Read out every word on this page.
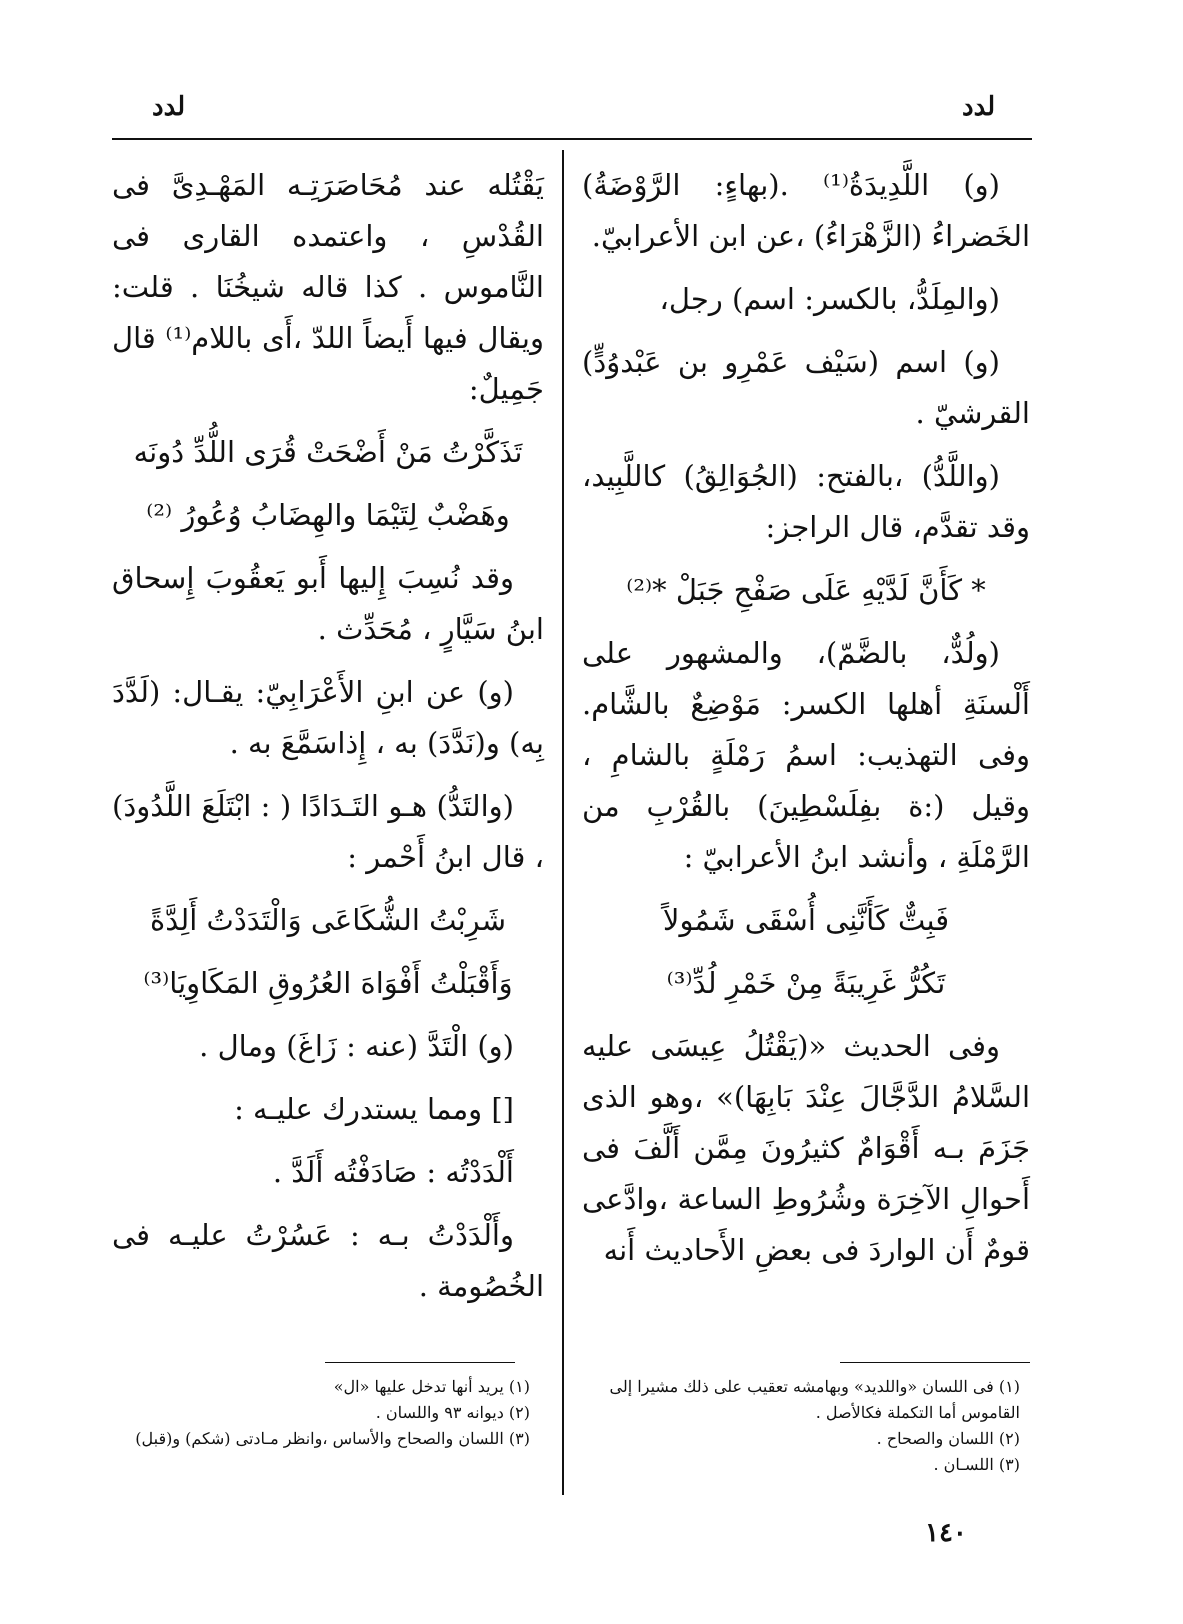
لدد
لدد

(و) اللَّدِيدَةُ⁽¹⁾ .(بهاءٍ: الرَّوْضَةُ) الخَضراءُ (الزَّهْرَاءُ) ،عن ابن الأعرابيّ.

(والمِلَدُّ، بالكسر: اسم) رجل،

(و) اسم (سَيْف عَمْرِو بن عَبْدوُدٍّ) القرشيّ .

(واللَّدُّ) ،بالفتح: (الجُوَالِقُ) كاللَّبِيد، وقد تقدَّم، قال الراجز:

* كَأَنَّ لَدَّيْهِ عَلَى صَفْحِ جَبَلْ *⁽²⁾

(ولُدٌّ، بالضَّمّ)، والمشهور على أَلْسنَةِ أهلها الكسر: مَوْضِعٌ بالشَّام. وفى التهذيب: اسمُ رَمْلَةٍ بالشامِ ، وقيل (:ة بفِلَسْطِينَ) بالقُرْبِ من الرَّمْلَةِ ، وأنشد ابنُ الأعرابيّ :

فَبِتٌّ كَأَنَّنِى أُسْقَى شَمُولاً

تَكُرُّ غَرِيبَةً مِنْ خَمْرِ لُدِّ⁽³⁾

وفى الحديث «(يَقْتُلُ عِيسَى عليه السَّلامُ الدَّجَّالَ عِنْدَ بَابِهَا)» ،وهو الذى جَزَمَ بـه أَقْوَامٌ كثيرُونَ مِمَّن أَلَّفَ فى أَحوالِ الآخِرَة وشُرُوطِ الساعة ،وادَّعى قومٌ أَن الواردَ فى بعضِ الأَحاديث أَنه

يَقْتُله عند مُحَاصَرَتِـه المَهْـدِىَّ فى القُدْسِ ، واعتمده القارى فى النَّاموس . كذا قاله شيخُنَا . قلت: ويقال فيها أَيضاً اللدّ ،أَى باللام⁽¹⁾ قال جَمِيلٌ:

تَذَكَّرْتُ مَنْ أَضْحَتْ قُرَى اللُّدِّ دُونَه

وهَضْبٌ لِتَيْمَا والهِضَابُ وُعُورُ ⁽²⁾

وقد نُسِبَ إِليها أَبو يَعقُوبَ إِسحاق ابنُ سَيَّارٍ ، مُحَدِّث .

(و) عن ابنِ الأَعْرَابِيّ: يقـال: (لَدَّدَ بِه) و(نَدَّدَ) به ، إِذاسَمَّعَ به .

(والتَدُّ) هـو التَـدَادًا ( : ابْتَلَعَ اللَّدُودَ) ، قال ابنُ أَحْمر :

شَرِبْتُ الشُّكَاعَى وَالْتَدَدْتُ أَلِدَّةً

وَأَقْبَلْتُ أَفْوَاهَ العُرُوقِ المَكَاوِيَا⁽³⁾

(و) الْتَدَّ (عنه : زَاغَ) ومال .

[] ومما يستدرك عليـه :

أَلْدَدْتُه : صَادَفْتُه أَلَدَّ .

وأَلْدَدْتُ بـه : عَسُرْتُ عليـه فى الخُصُومة .

(١) فى اللسان «واللديد» وبهامشه تعقيب على ذلك مشيرا إلى القاموس أما التكملة فكالأصل .
(٢) اللسان والصحاح .
(٣) اللسـان .
(١) يريد أنها تدخل عليها «ال»
(٢) ديوانه ٩٣ واللسان .
(٣) اللسان والصحاح والأساس ،وانظر مـادتى (شكم) و(قبل)
١٤٠
